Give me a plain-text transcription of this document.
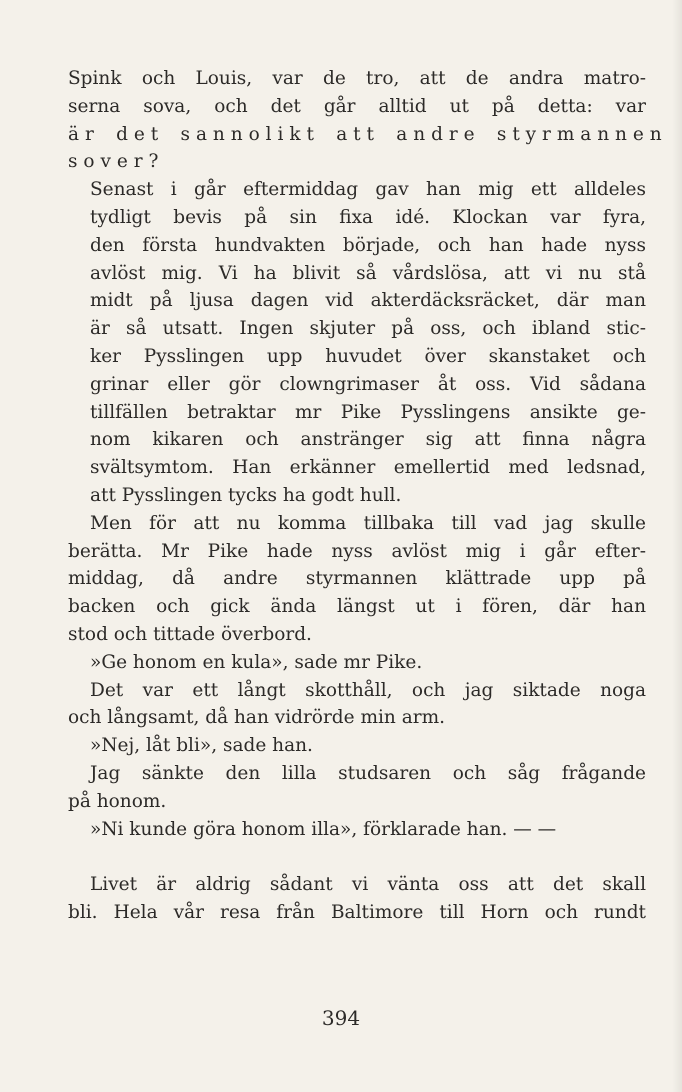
Spink och Louis, var de tro, att de andra matro-
serna sova, och det går alltid ut på detta: var
är det sannolikt att andre styrmannen
sover?

Senast i går eftermiddag gav han mig ett alldeles
tydligt bevis på sin fixa idé. Klockan var fyra,
den första hundvakten började, och han hade nyss
avlöst mig. Vi ha blivit så vårdslösa, att vi nu stå
midt på ljusa dagen vid akterdäcksräcket, där man
är så utsatt. Ingen skjuter på oss, och ibland stic-
ker Pysslingen upp huvudet över skanstaket och
grinar eller gör clowngrimaser åt oss. Vid sådana
tillfällen betraktar mr Pike Pysslingens ansikte ge-
nom kikaren och anstränger sig att finna några
svältsymtom. Han erkänner emellertid med ledsnad,
att Pysslingen tycks ha godt hull.

Men för att nu komma tillbaka till vad jag skulle
berätta. Mr Pike hade nyss avlöst mig i går efter-
middag, då andre styrmannen klättrade upp på
backen och gick ända längst ut i fören, där han
stod och tittade överbord.

»Ge honom en kula», sade mr Pike.

Det var ett långt skotthåll, och jag siktade noga
och långsamt, då han vidrörde min arm.

»Nej, låt bli», sade han.

Jag sänkte den lilla studsaren och såg frågande
på honom.

»Ni kunde göra honom illa», förklarade han. — —

Livet är aldrig sådant vi vänta oss att det skall
bli. Hela vår resa från Baltimore till Horn och rundt

394
